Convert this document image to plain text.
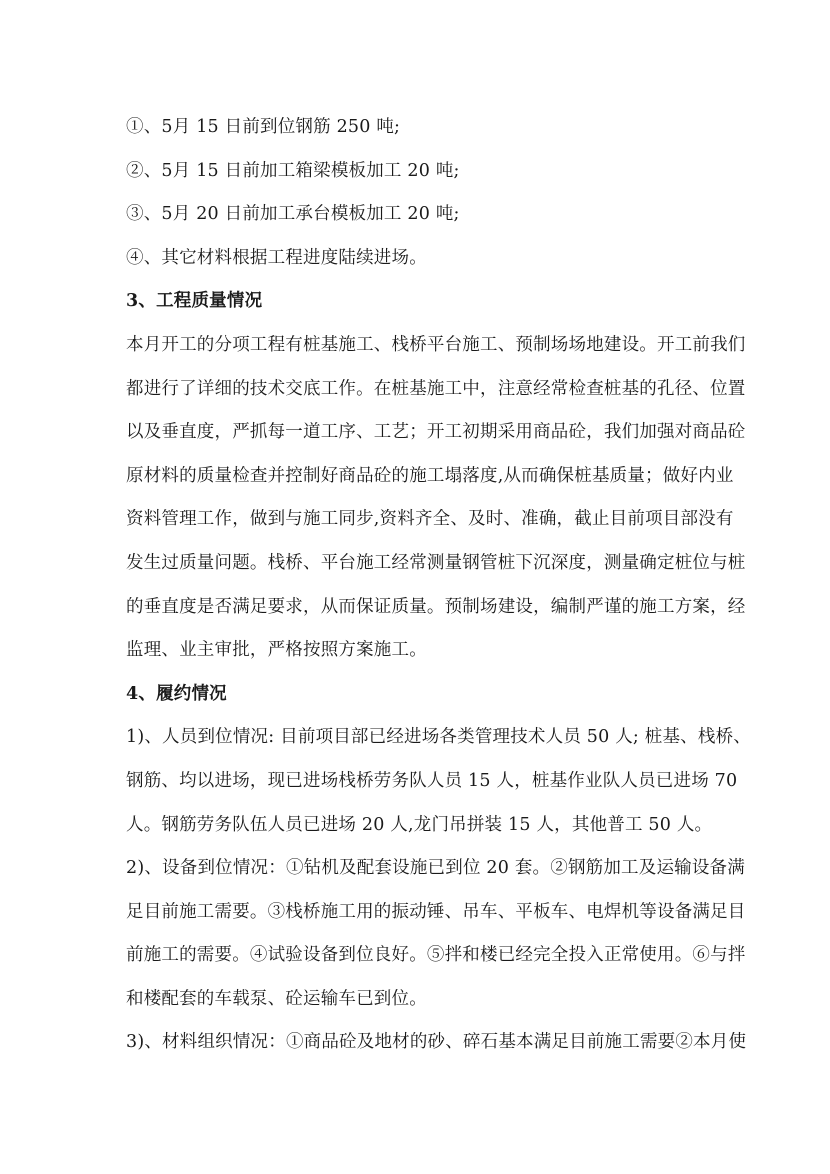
①、5月 15 日前到位钢筋 250 吨;
②、5月 15 日前加工箱梁模板加工 20 吨;
③、5月 20 日前加工承台模板加工 20 吨;
④、其它材料根据工程进度陆续进场。
3、工程质量情况
本月开工的分项工程有桩基施工、栈桥平台施工、预制场场地建设。开工前我们
都进行了详细的技术交底工作。在桩基施工中，注意经常检查桩基的孔径、位置
以及垂直度，严抓每一道工序、工艺；开工初期采用商品砼，我们加强对商品砼
原材料的质量检查并控制好商品砼的施工塌落度,从而确保桩基质量；做好内业
资料管理工作，做到与施工同步,资料齐全、及时、准确，截止目前项目部没有
发生过质量问题。栈桥、平台施工经常测量钢管桩下沉深度，测量确定桩位与桩
的垂直度是否满足要求，从而保证质量。预制场建设，编制严谨的施工方案，经
监理、业主审批，严格按照方案施工。
4、履约情况
1)、人员到位情况: 目前项目部已经进场各类管理技术人员 50 人; 桩基、栈桥、
钢筋、均以进场，现已进场栈桥劳务队人员 15 人，桩基作业队人员已进场 70
人。钢筋劳务队伍人员已进场 20 人,龙门吊拼装 15 人，其他普工 50 人。
2)、设备到位情况：①钻机及配套设施已到位 20 套。②钢筋加工及运输设备满
足目前施工需要。③栈桥施工用的振动锤、吊车、平板车、电焊机等设备满足目
前施工的需要。④试验设备到位良好。⑤拌和楼已经完全投入正常使用。⑥与拌
和楼配套的车载泵、砼运输车已到位。
3)、材料组织情况：①商品砼及地材的砂、碎石基本满足目前施工需要②本月使
